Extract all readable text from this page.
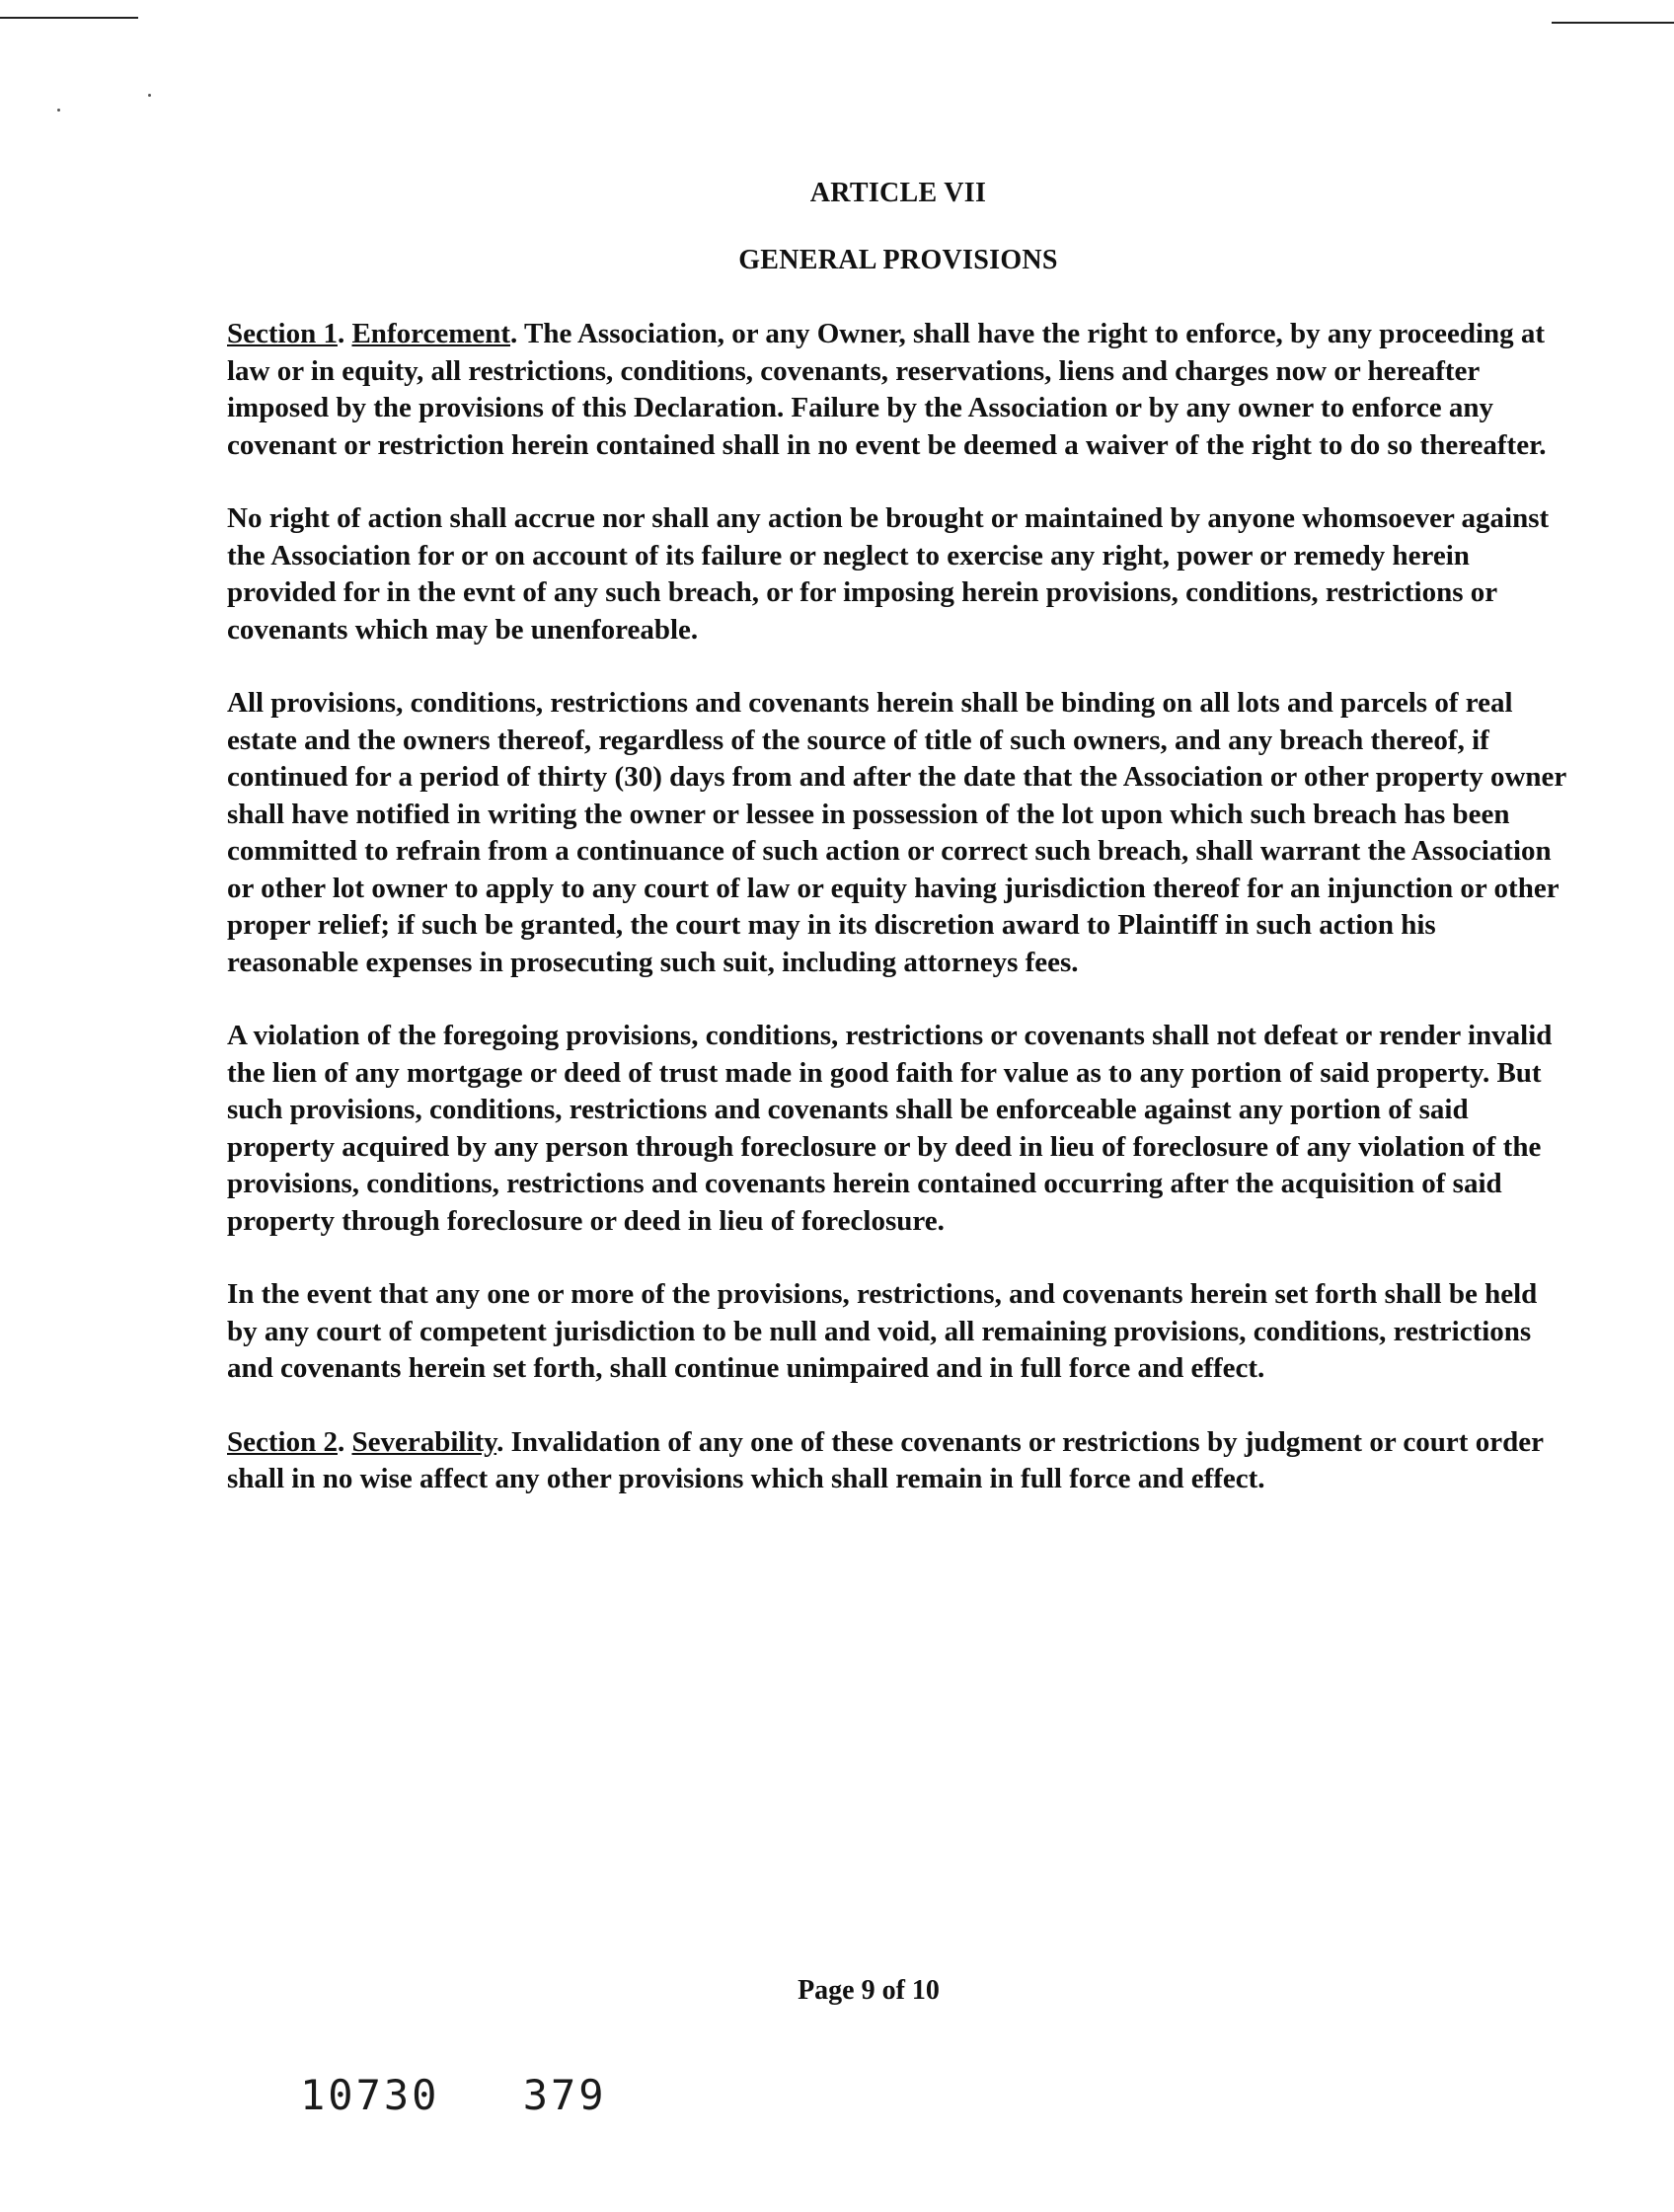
ARTICLE VII

GENERAL PROVISIONS

Section 1. Enforcement. The Association, or any Owner, shall have the right to enforce, by any proceeding at law or in equity, all restrictions, conditions, covenants, reservations, liens and charges now or hereafter imposed by the provisions of this Declaration. Failure by the Association or by any owner to enforce any covenant or restriction herein contained shall in no event be deemed a waiver of the right to do so thereafter.

No right of action shall accrue nor shall any action be brought or maintained by anyone whomsoever against the Association for or on account of its failure or neglect to exercise any right, power or remedy herein provided for in the evnt of any such breach, or for imposing herein provisions, conditions, restrictions or covenants which may be unenforeable.

All provisions, conditions, restrictions and covenants herein shall be binding on all lots and parcels of real estate and the owners thereof, regardless of the source of title of such owners, and any breach thereof, if continued for a period of thirty (30) days from and after the date that the Association or other property owner shall have notified in writing the owner or lessee in possession of the lot upon which such breach has been committed to refrain from a continuance of such action or correct such breach, shall warrant the Association or other lot owner to apply to any court of law or equity having jurisdiction thereof for an injunction or other proper relief; if such be granted, the court may in its discretion award to Plaintiff in such action his reasonable expenses in prosecuting such suit, including attorneys fees.

A violation of the foregoing provisions, conditions, restrictions or covenants shall not defeat or render invalid the lien of any mortgage or deed of trust made in good faith for value as to any portion of said property. But such provisions, conditions, restrictions and covenants shall be enforceable against any portion of said property acquired by any person through foreclosure or by deed in lieu of foreclosure of any violation of the provisions, conditions, restrictions and covenants herein contained occurring after the acquisition of said property through foreclosure or deed in lieu of foreclosure.

In the event that any one or more of the provisions, restrictions, and covenants herein set forth shall be held by any court of competent jurisdiction to be null and void, all remaining provisions, conditions, restrictions and covenants herein set forth, shall continue unimpaired and in full force and effect.

Section 2. Severability. Invalidation of any one of these covenants or restrictions by judgment or court order shall in no wise affect any other provisions which shall remain in full force and effect.

Page 9 of 10
10730 379
